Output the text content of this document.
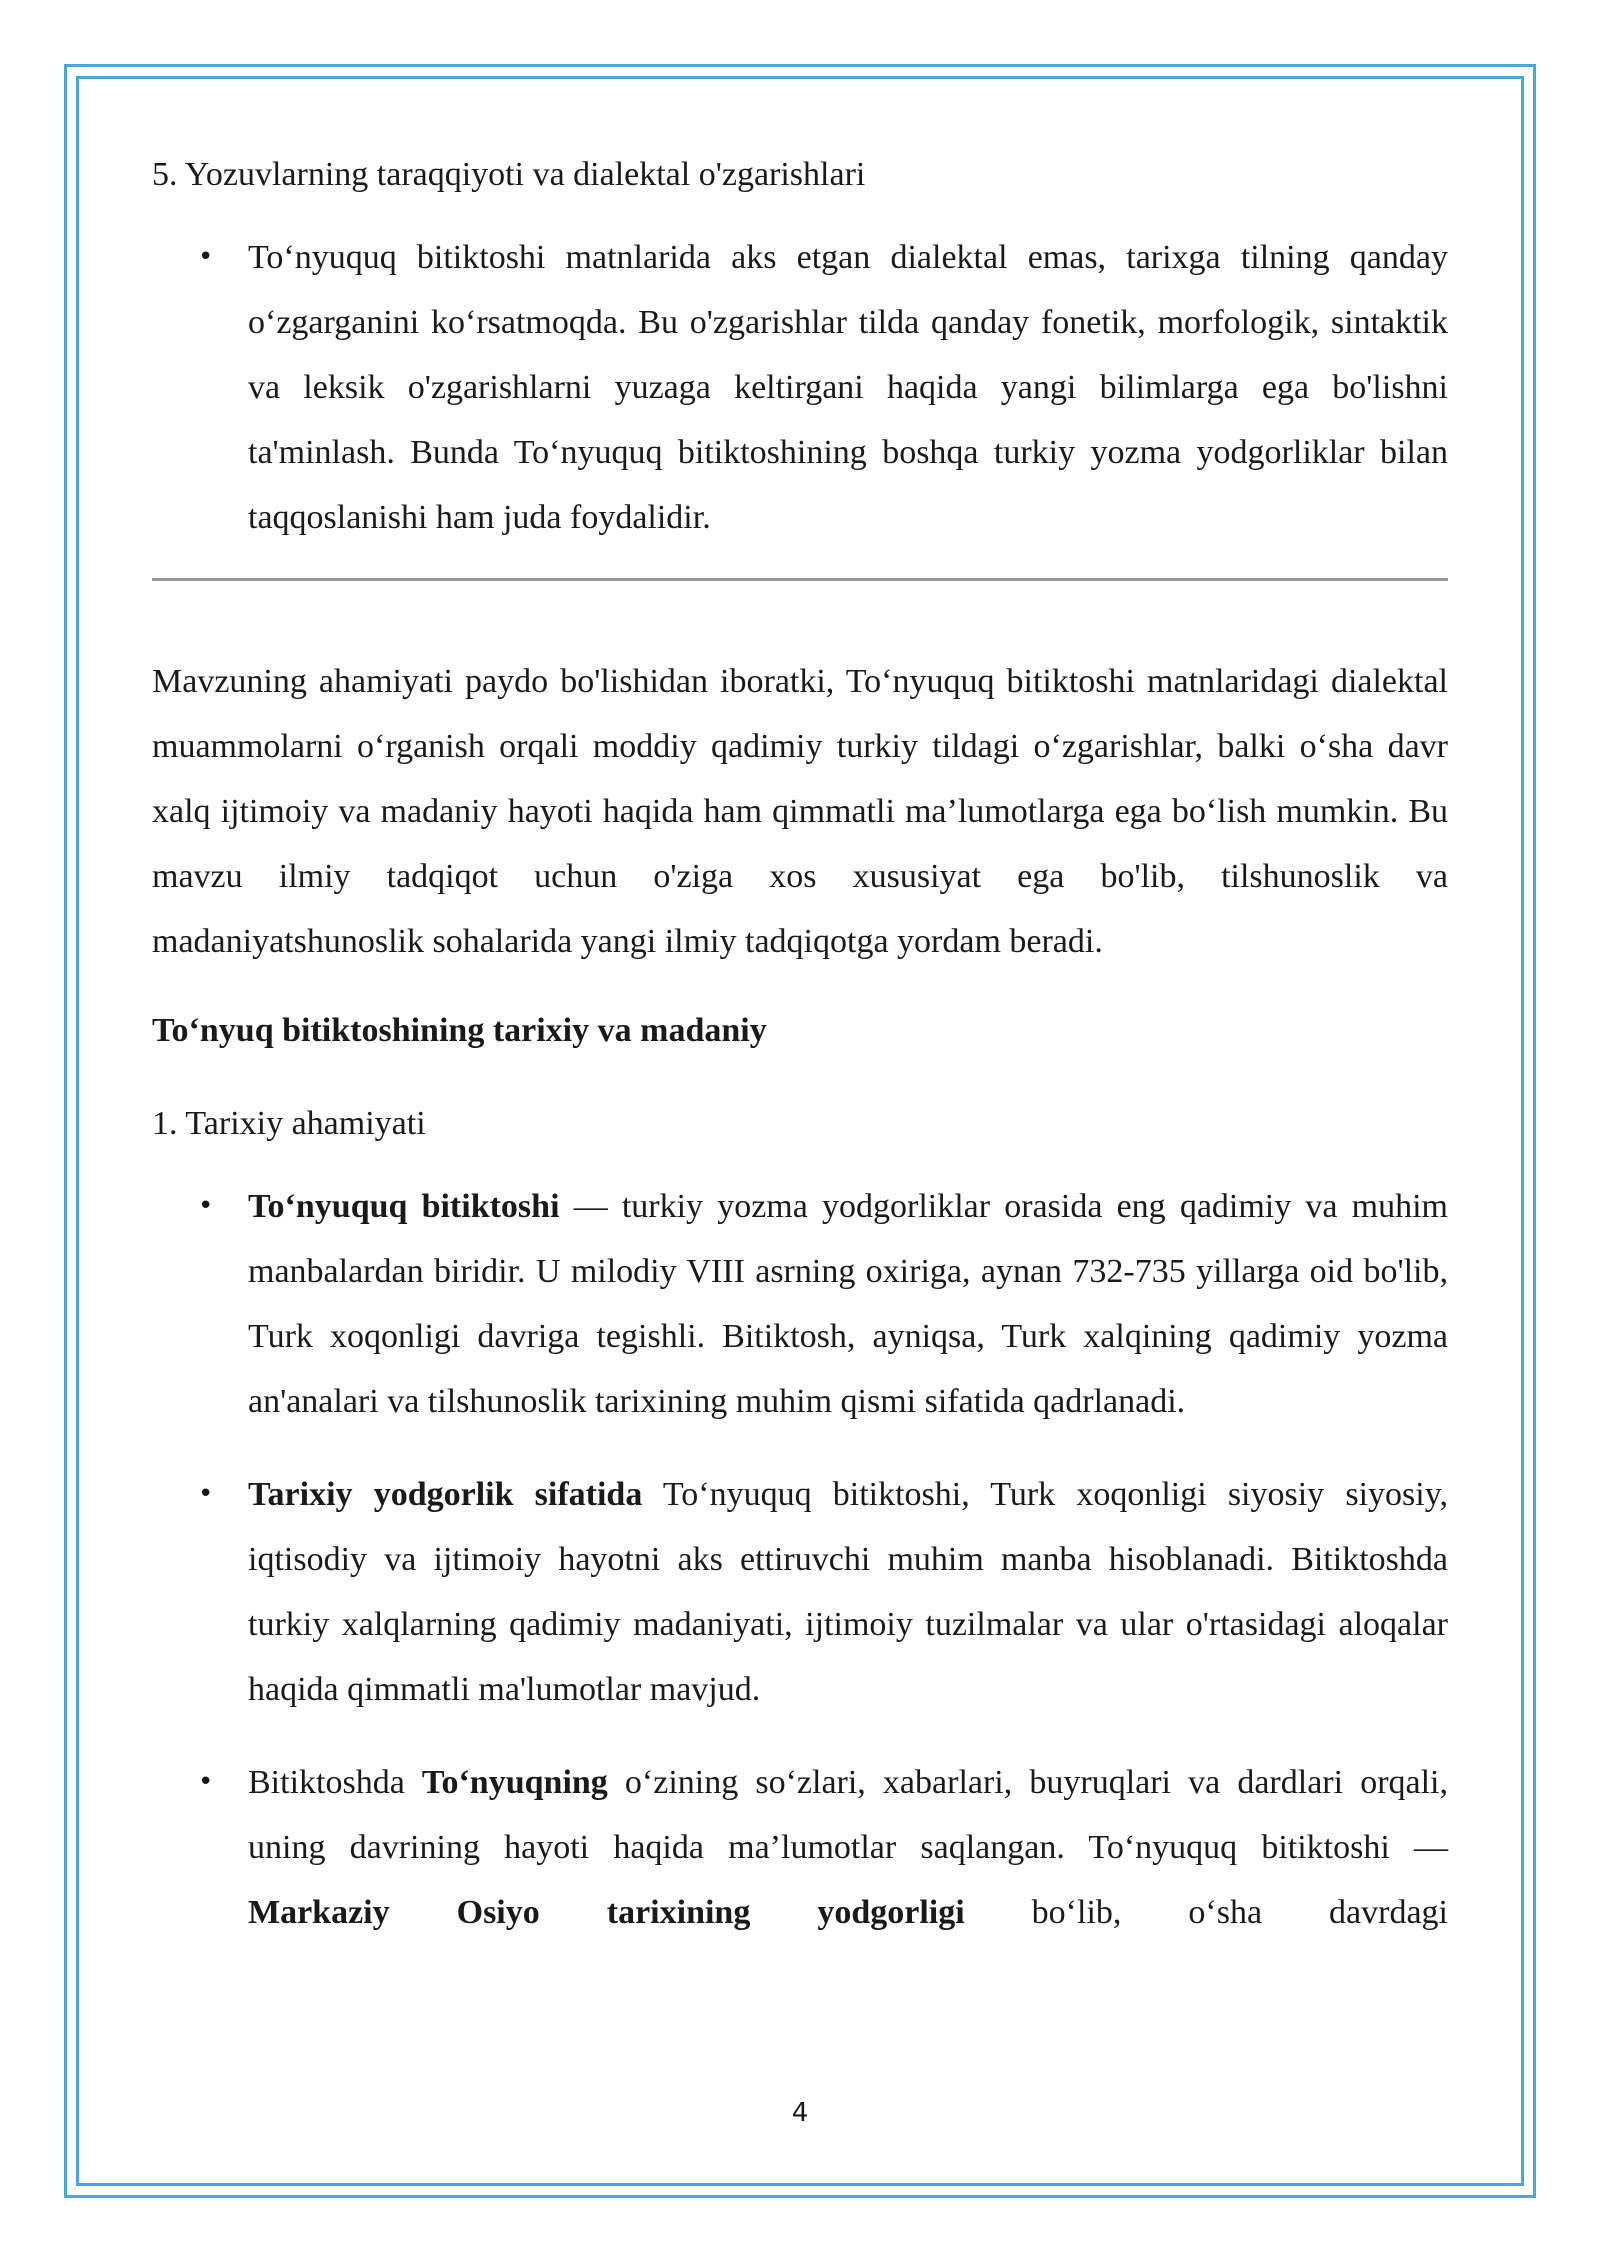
5. Yozuvlarning taraqqiyoti va dialektal o'zgarishlari

• To‘nyuquq bitiktoshi matnlarida aks etgan dialektal emas, tarixga tilning qanday o‘zgarganini ko‘rsatmoqda. Bu o'zgarishlar tilda qanday fonetik, morfologik, sintaktik va leksik o'zgarishlarni yuzaga keltirgani haqida yangi bilimlarga ega bo'lishni ta'minlash. Bunda To‘nyuquq bitiktoshining boshqa turkiy yozma yodgorliklar bilan taqqoslanishi ham juda foydalidir.

Mavzuning ahamiyati paydo bo'lishidan iboratki, To‘nyuquq bitiktoshi matnlaridagi dialektal muammolarni o‘rganish orqali moddiy qadimiy turkiy tildagi o‘zgarishlar, balki o‘sha davr xalq ijtimoiy va madaniy hayoti haqida ham qimmatli ma’lumotlarga ega bo‘lish mumkin. Bu mavzu ilmiy tadqiqot uchun o'ziga xos xususiyat ega bo'lib, tilshunoslik va madaniyatshunoslik sohalarida yangi ilmiy tadqiqotga yordam beradi.

To‘nyuq bitiktoshining tarixiy va madaniy

1. Tarixiy ahamiyati

• To‘nyuquq bitiktoshi — turkiy yozma yodgorliklar orasida eng qadimiy va muhim manbalardan biridir. U milodiy VIII asrning oxiriga, aynan 732-735 yillarga oid bo'lib, Turk xoqonligi davriga tegishli. Bitiktosh, ayniqsa, Turk xalqining qadimiy yozma an'analari va tilshunoslik tarixining muhim qismi sifatida qadrlanadi.
• Tarixiy yodgorlik sifatida To‘nyuquq bitiktoshi, Turk xoqonligi siyosiy siyosiy, iqtisodiy va ijtimoiy hayotni aks ettiruvchi muhim manba hisoblanadi. Bitiktoshda turkiy xalqlarning qadimiy madaniyati, ijtimoiy tuzilmalar va ular o'rtasidagi aloqalar haqida qimmatli ma'lumotlar mavjud.
• Bitiktoshda To‘nyuqning o‘zining so‘zlari, xabarlari, buyruqlari va dardlari orqali, uning davrining hayoti haqida ma’lumotlar saqlangan. To‘nyuquq bitiktoshi — Markaziy Osiyo tarixining yodgorligi bo‘lib, o‘sha davrdagi
4
